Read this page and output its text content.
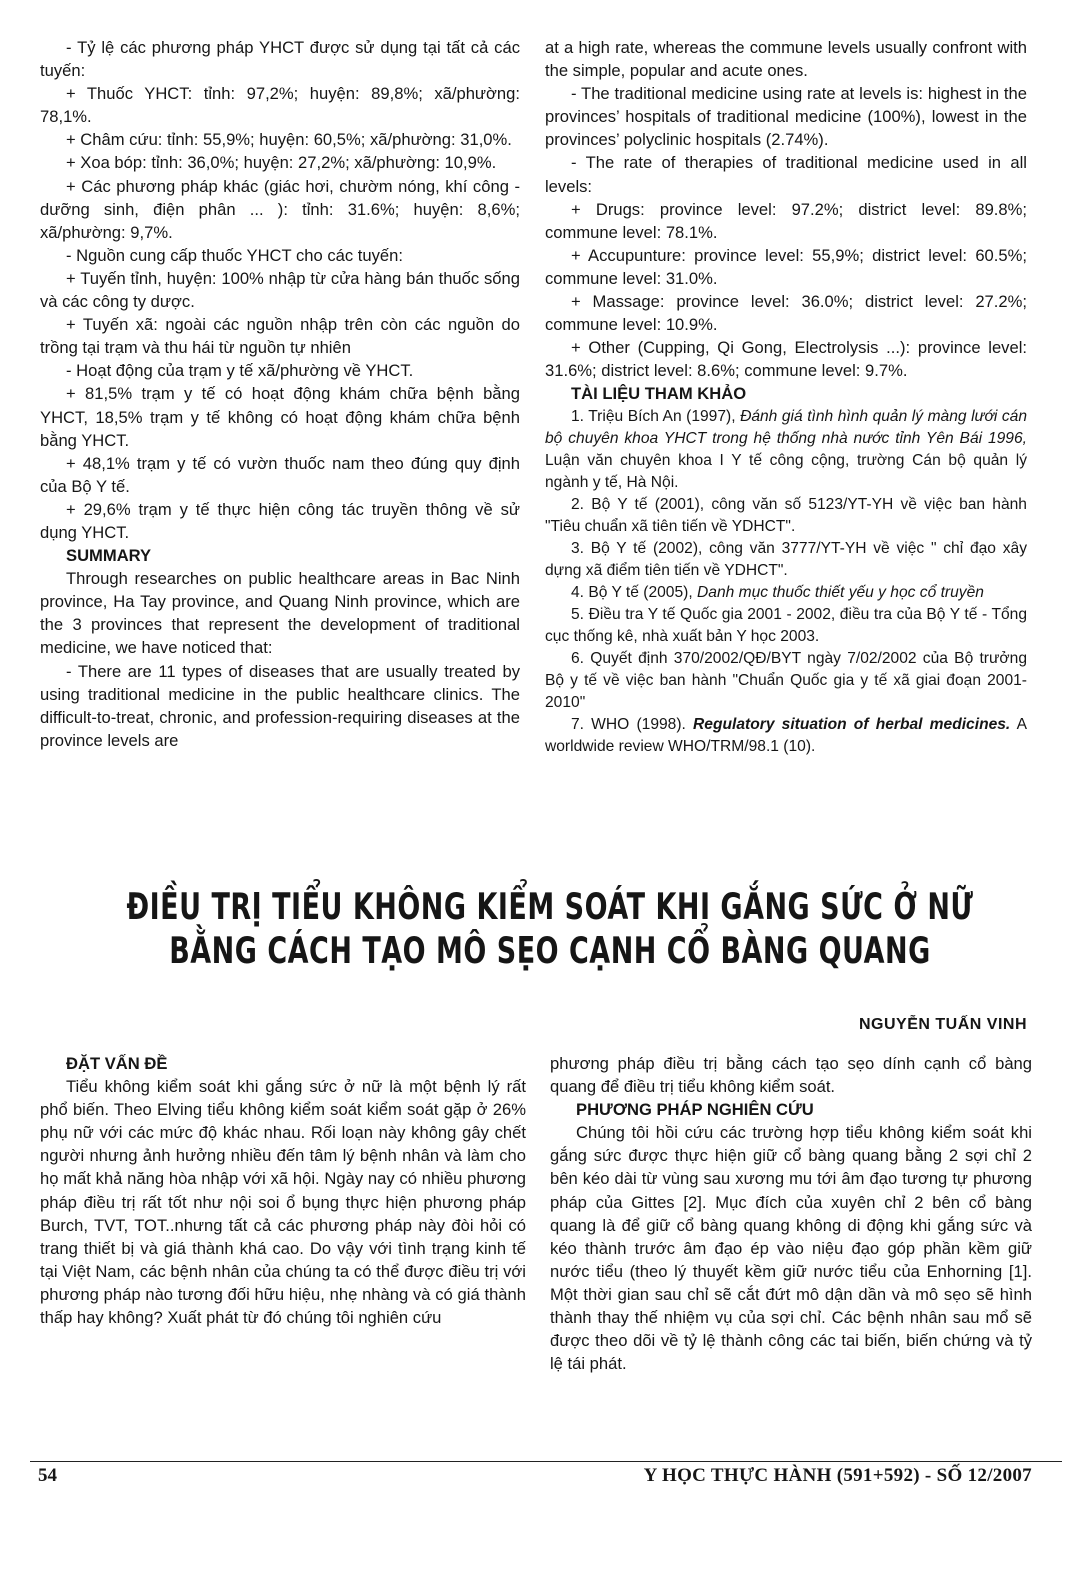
- Tỷ lệ các phương pháp YHCT được sử dụng tại tất cả các tuyến:

+ Thuốc YHCT: tỉnh: 97,2%; huyện: 89,8%; xã/phường: 78,1%.

+ Châm cứu: tỉnh: 55,9%; huyện: 60,5%; xã/phường: 31,0%.

+ Xoa bóp: tỉnh: 36,0%; huyện: 27,2%; xã/phường: 10,9%.

+ Các phương pháp khác (giác hơi, chườm nóng, khí công - dưỡng sinh, điện phân ... ): tỉnh: 31.6%; huyện: 8,6%; xã/phường: 9,7%.

- Nguồn cung cấp thuốc YHCT cho các tuyến:

+ Tuyến tỉnh, huyện: 100% nhập từ cửa hàng bán thuốc sống và các công ty dược.

+ Tuyến xã: ngoài các nguồn nhập trên còn các nguồn do trồng tại trạm và thu hái từ nguồn tự nhiên

- Hoạt động của trạm y tế xã/phường về YHCT.

+ 81,5% trạm y tế có hoạt động khám chữa bệnh bằng YHCT, 18,5% trạm y tế không có hoạt động khám chữa bệnh bằng YHCT.

+ 48,1% trạm y tế có vườn thuốc nam theo đúng quy định của Bộ Y tế.

+ 29,6% trạm y tế thực hiện công tác truyền thông về sử dụng YHCT.

SUMMARY

Through researches on public healthcare areas in Bac Ninh province, Ha Tay province, and Quang Ninh province, which are the 3 provinces that represent the development of traditional medicine, we have noticed that:

- There are 11 types of diseases that are usually treated by using traditional medicine in the public healthcare clinics. The difficult-to-treat, chronic, and profession-requiring diseases at the province levels are

at a high rate, whereas the commune levels usually confront with the simple, popular and acute ones.

- The traditional medicine using rate at levels is: highest in the provinces’ hospitals of traditional medicine (100%), lowest in the provinces’ polyclinic hospitals (2.74%).

- The rate of therapies of traditional medicine used in all levels:

+ Drugs: province level: 97.2%; district level: 89.8%; commune level: 78.1%.

+ Accupunture: province level: 55,9%; district level: 60.5%; commune level: 31.0%.

+ Massage: province level: 36.0%; district level: 27.2%; commune level: 10.9%.

+ Other (Cupping, Qi Gong, Electrolysis ...): province level: 31.6%; district level: 8.6%; commune level: 9.7%.

TÀI LIỆU THAM KHẢO

1. Triệu Bích An (1997), Đánh giá tình hình quản lý màng lưới cán bộ chuyên khoa YHCT trong hệ thống nhà nước tỉnh Yên Bái 1996, Luận văn chuyên khoa I Y tế công cộng, trường Cán bộ quản lý ngành y tế, Hà Nội.

2. Bộ Y tế (2001), công văn số 5123/YT-YH về việc ban hành "Tiêu chuẩn xã tiên tiến về YDHCT".

3. Bộ Y tế (2002), công văn 3777/YT-YH về việc " chỉ đạo xây dựng xã điểm tiên tiến về YDHCT".

4. Bộ Y tế (2005), Danh mục thuốc thiết yếu y học cổ truyền

5. Điều tra Y tế Quốc gia 2001 - 2002, điều tra của Bộ Y tế - Tổng cục thống kê, nhà xuất bản Y học 2003.

6. Quyết định 370/2002/QĐ/BYT ngày 7/02/2002 của Bộ trưởng Bộ y tế về việc ban hành "Chuẩn Quốc gia y tế xã giai đoạn 2001-2010"

7. WHO (1998). Regulatory situation of herbal medicines. A worldwide review WHO/TRM/98.1 (10).

ĐIỀU TRỊ TIỂU KHÔNG KIỂM SOÁT KHI GẮNG SỨC Ở NỮ
BẰNG CÁCH TẠO MÔ SẸO CẠNH CỔ BÀNG QUANG
NGUYỄN TUẤN VINH

ĐẶT VẤN ĐỀ

Tiểu không kiểm soát khi gắng sức ở nữ là một bệnh lý rất phổ biến. Theo Elving tiểu không kiểm soát kiểm soát gặp ở 26% phụ nữ với các mức độ khác nhau. Rối loạn này không gây chết người nhưng ảnh hưởng nhiều đến tâm lý bệnh nhân và làm cho họ mất khả năng hòa nhập với xã hội. Ngày nay có nhiều phương pháp điều trị rất tốt như nội soi ổ bụng thực hiện phương pháp Burch, TVT, TOT..nhưng tất cả các phương pháp này đòi hỏi có trang thiết bị và giá thành khá cao. Do vậy với tình trạng kinh tế tại Việt Nam, các bệnh nhân của chúng ta có thể được điều trị với phương pháp nào tương đối hữu hiệu, nhẹ nhàng và có giá thành thấp hay không? Xuất phát từ đó chúng tôi nghiên cứu

phương pháp điều trị bằng cách tạo sẹo dính cạnh cổ bàng quang để điều trị tiểu không kiểm soát.

PHƯƠNG PHÁP NGHIÊN CỨU

Chúng tôi hồi cứu các trường hợp tiểu không kiểm soát khi gắng sức được thực hiện giữ cổ bàng quang bằng 2 sợi chỉ 2 bên kéo dài từ vùng sau xương mu tới âm đạo tương tự phương pháp của Gittes [2]. Mục đích của xuyên chỉ 2 bên cổ bàng quang là để giữ cổ bàng quang không di động khi gắng sức và kéo thành trước âm đạo ép vào niệu đạo góp phần kềm giữ nước tiểu (theo lý thuyết kềm giữ nước tiểu của Enhorning [1]. Một thời gian sau chỉ sẽ cắt đứt mô dận dần và mô sẹo sẽ hình thành thay thế nhiệm vụ của sợi chỉ. Các bệnh nhân sau mổ sẽ được theo dõi về tỷ lệ thành công các tai biến, biến chứng và tỷ lệ tái phát.

54	Y HỌC THỰC HÀNH (591+592) - SỐ 12/2007
